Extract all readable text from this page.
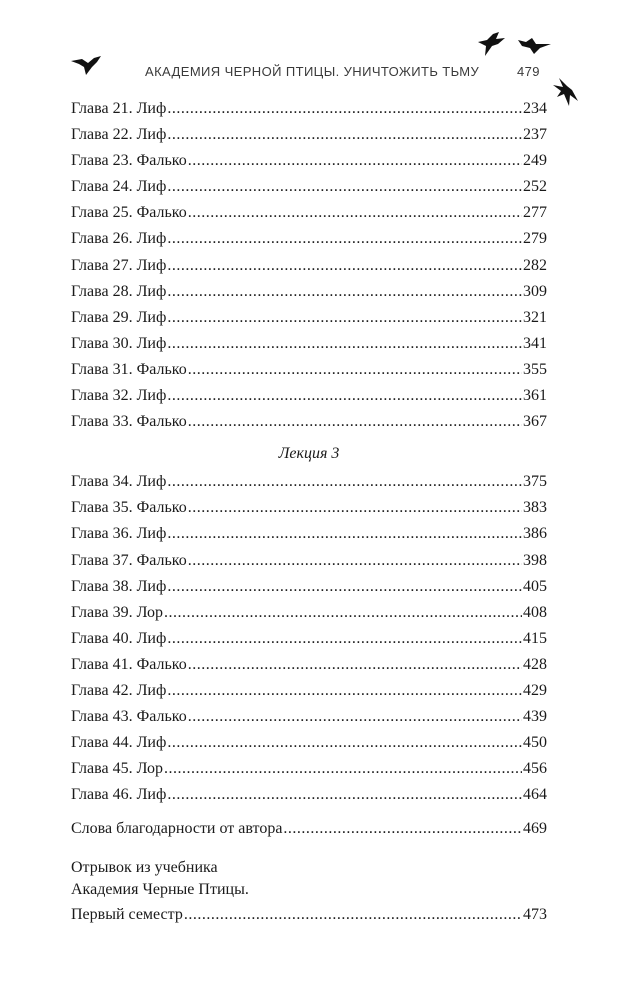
АКАДЕМИЯ ЧЕРНОЙ ПТИЦЫ. УНИЧТОЖИТЬ ТЬМУ	479
Глава 21. Лиф .....	234
Глава 22. Лиф .....	237
Глава 23. Фалько .....	249
Глава 24. Лиф .....	252
Глава 25. Фалько .....	277
Глава 26. Лиф .....	279
Глава 27. Лиф .....	282
Глава 28. Лиф .....	309
Глава 29. Лиф .....	321
Глава 30. Лиф .....	341
Глава 31. Фалько .....	355
Глава 32. Лиф .....	361
Глава 33. Фалько .....	367
Лекция 3
Глава 34. Лиф .....	375
Глава 35. Фалько .....	383
Глава 36. Лиф .....	386
Глава 37. Фалько .....	398
Глава 38. Лиф .....	405
Глава 39. Лор .....	408
Глава 40. Лиф .....	415
Глава 41. Фалько .....	428
Глава 42. Лиф .....	429
Глава 43. Фалько .....	439
Глава 44. Лиф .....	450
Глава 45. Лор .....	456
Глава 46. Лиф .....	464
Слова благодарности от автора .....	469
Отрывок из учебника
Академия Черные Птицы.
Первый семестр .....	473
